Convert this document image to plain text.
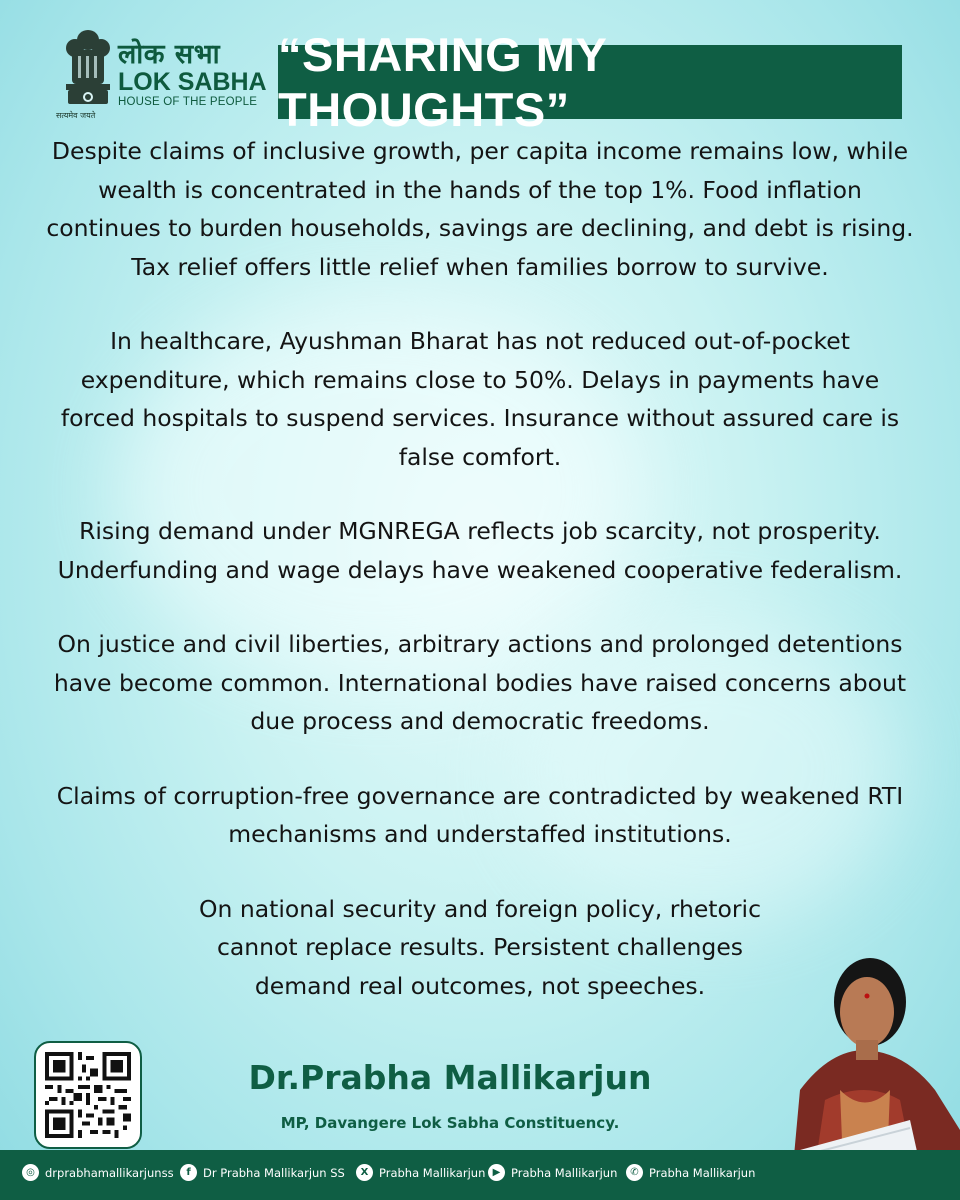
सत्यमेव जयते
लोक सभा
LOK SABHA
HOUSE OF THE PEOPLE
“SHARING MY THOUGHTS”

Despite claims of inclusive growth, per capita income remains low, while wealth is concentrated in the hands of the top 1%. Food inflation continues to burden households, savings are declining, and debt is rising. Tax relief offers little relief when families borrow to survive.

In healthcare, Ayushman Bharat has not reduced out-of-pocket expenditure, which remains close to 50%. Delays in payments have forced hospitals to suspend services. Insurance without assured care is false comfort.

Rising demand under MGNREGA reflects job scarcity, not prosperity. Underfunding and wage delays have weakened cooperative federalism.

On justice and civil liberties, arbitrary actions and prolonged detentions have become common. International bodies have raised concerns about due process and democratic freedoms.

Claims of corruption-free governance are contradicted by weakened RTI mechanisms and understaffed institutions.

On national security and foreign policy, rhetoric cannot replace results. Persistent challenges demand real outcomes, not speeches.

Dr.Prabha Mallikarjun
MP, Davangere Lok Sabha Constituency.
◎ drprabhamallikarjunss	f	Dr Prabha Mallikarjun SS	X Prabha Mallikarjun ▶ Prabha Mallikarjun	✆ Prabha Mallikarjun
